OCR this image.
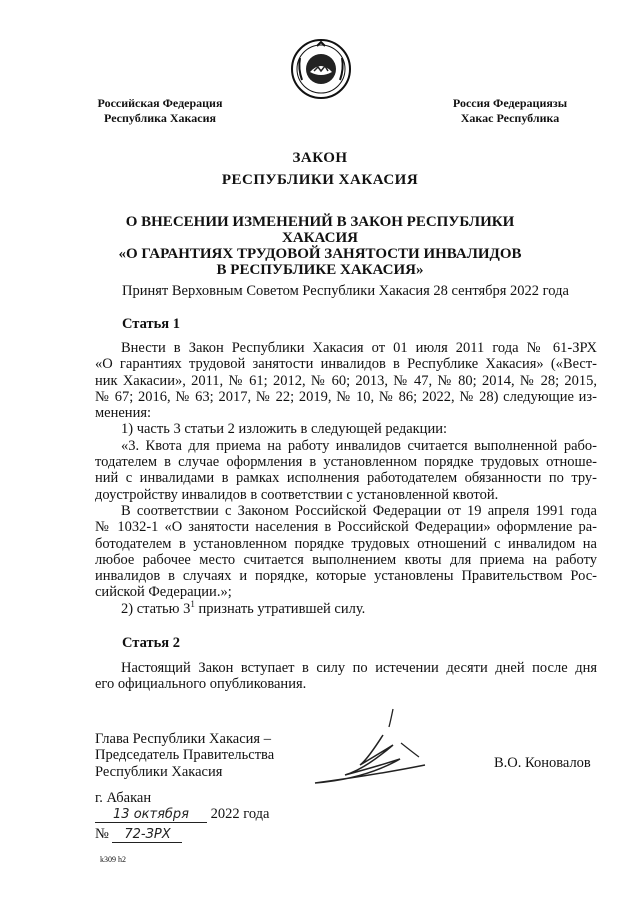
Российская Федерация
Республика Хакасия
Россия Федерациязы
Хакас Республика
ЗАКОН
РЕСПУБЛИКИ ХАКАСИЯ
О ВНЕСЕНИИ ИЗМЕНЕНИЙ В ЗАКОН РЕСПУБЛИКИ ХАКАСИЯ
«О ГАРАНТИЯХ ТРУДОВОЙ ЗАНЯТОСТИ ИНВАЛИДОВ
В РЕСПУБЛИКЕ ХАКАСИЯ»
Принят Верховным Советом Республики Хакасия 28 сентября 2022 года
Статья 1
Внести в Закон Республики Хакасия от 01 июля 2011 года № 61-ЗРХ
«О гарантиях трудовой занятости инвалидов в Республике Хакасия» («Вест-
ник Хакасии», 2011, № 61; 2012, № 60; 2013, № 47, № 80; 2014, № 28; 2015,
№ 67; 2016, № 63; 2017, № 22; 2019, № 10, № 86; 2022, № 28) следующие из-
менения:
1) часть 3 статьи 2 изложить в следующей редакции:
«3. Квота для приема на работу инвалидов считается выполненной рабо-
тодателем в случае оформления в установленном порядке трудовых отноше-
ний с инвалидами в рамках исполнения работодателем обязанности по тру-
доустройству инвалидов в соответствии с установленной квотой.
В соответствии с Законом Российской Федерации от 19 апреля 1991 года
№ 1032-1 «О занятости населения в Российской Федерации» оформление ра-
ботодателем в установленном порядке трудовых отношений с инвалидом на
любое рабочее место считается выполнением квоты для приема на работу
инвалидов в случаях и порядке, которые установлены Правительством Рос-
сийской Федерации.»;
2) статью $3^1$ признать утратившей силу.
Статья 2
Настоящий Закон вступает в силу по истечении десяти дней после дня
его официального опубликования.
Глава Республики Хакасия –
Председатель Правительства
Республики Хакасия
В.О. Коновалов
г. Абакан
13 октября 2022 года
№ 72-ЗРХ
k309 h2
